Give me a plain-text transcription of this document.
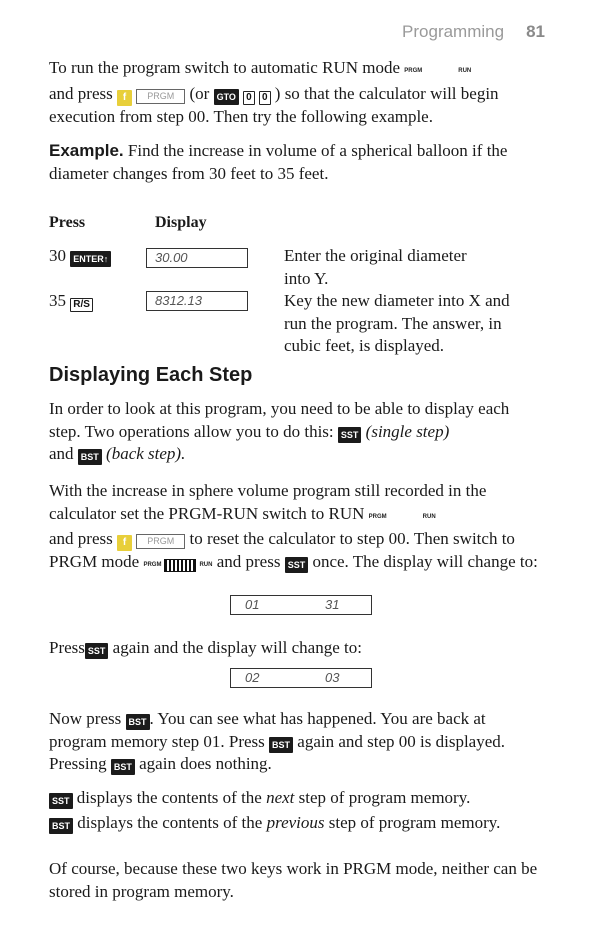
Programming 81
To run the program switch to automatic RUN mode PRGM	RUN

and press f PRGM (or GTO 0 0 ) so that the calculator will begin execution from step 00. Then try the following example.
Example. Find the increase in volume of a spherical balloon if the diameter changes from 30 feet to 35 feet.
Press	Display
30 ENTER↑	30.00	Enter the original diameter
into Y.
35 R/S	8312.13	Key the new diameter into X and
run the program. The answer, in
cubic feet, is displayed.
Displaying Each Step
In order to look at this program, you need to be able to display each step. Two operations allow you to do this: SST (single step)
and BST (back step).
With the increase in sphere volume program still recorded in the calculator set the PRGM-RUN switch to RUN PRGM	RUN

and press f PRGM to reset the calculator to step 00. Then switch to PRGM mode PRGM	RUN and press SST once. The display will change to:
01	31
Press SST again and the display will change to:
02	03
Now press BST . You can see what has happened. You are back at program memory step 01. Press BST again and step 00 is displayed. Pressing BST again does nothing.
SST displays the contents of the next step of program memory.
BST displays the contents of the previous step of program memory.
Of course, because these two keys work in PRGM mode, neither can be stored in program memory.
